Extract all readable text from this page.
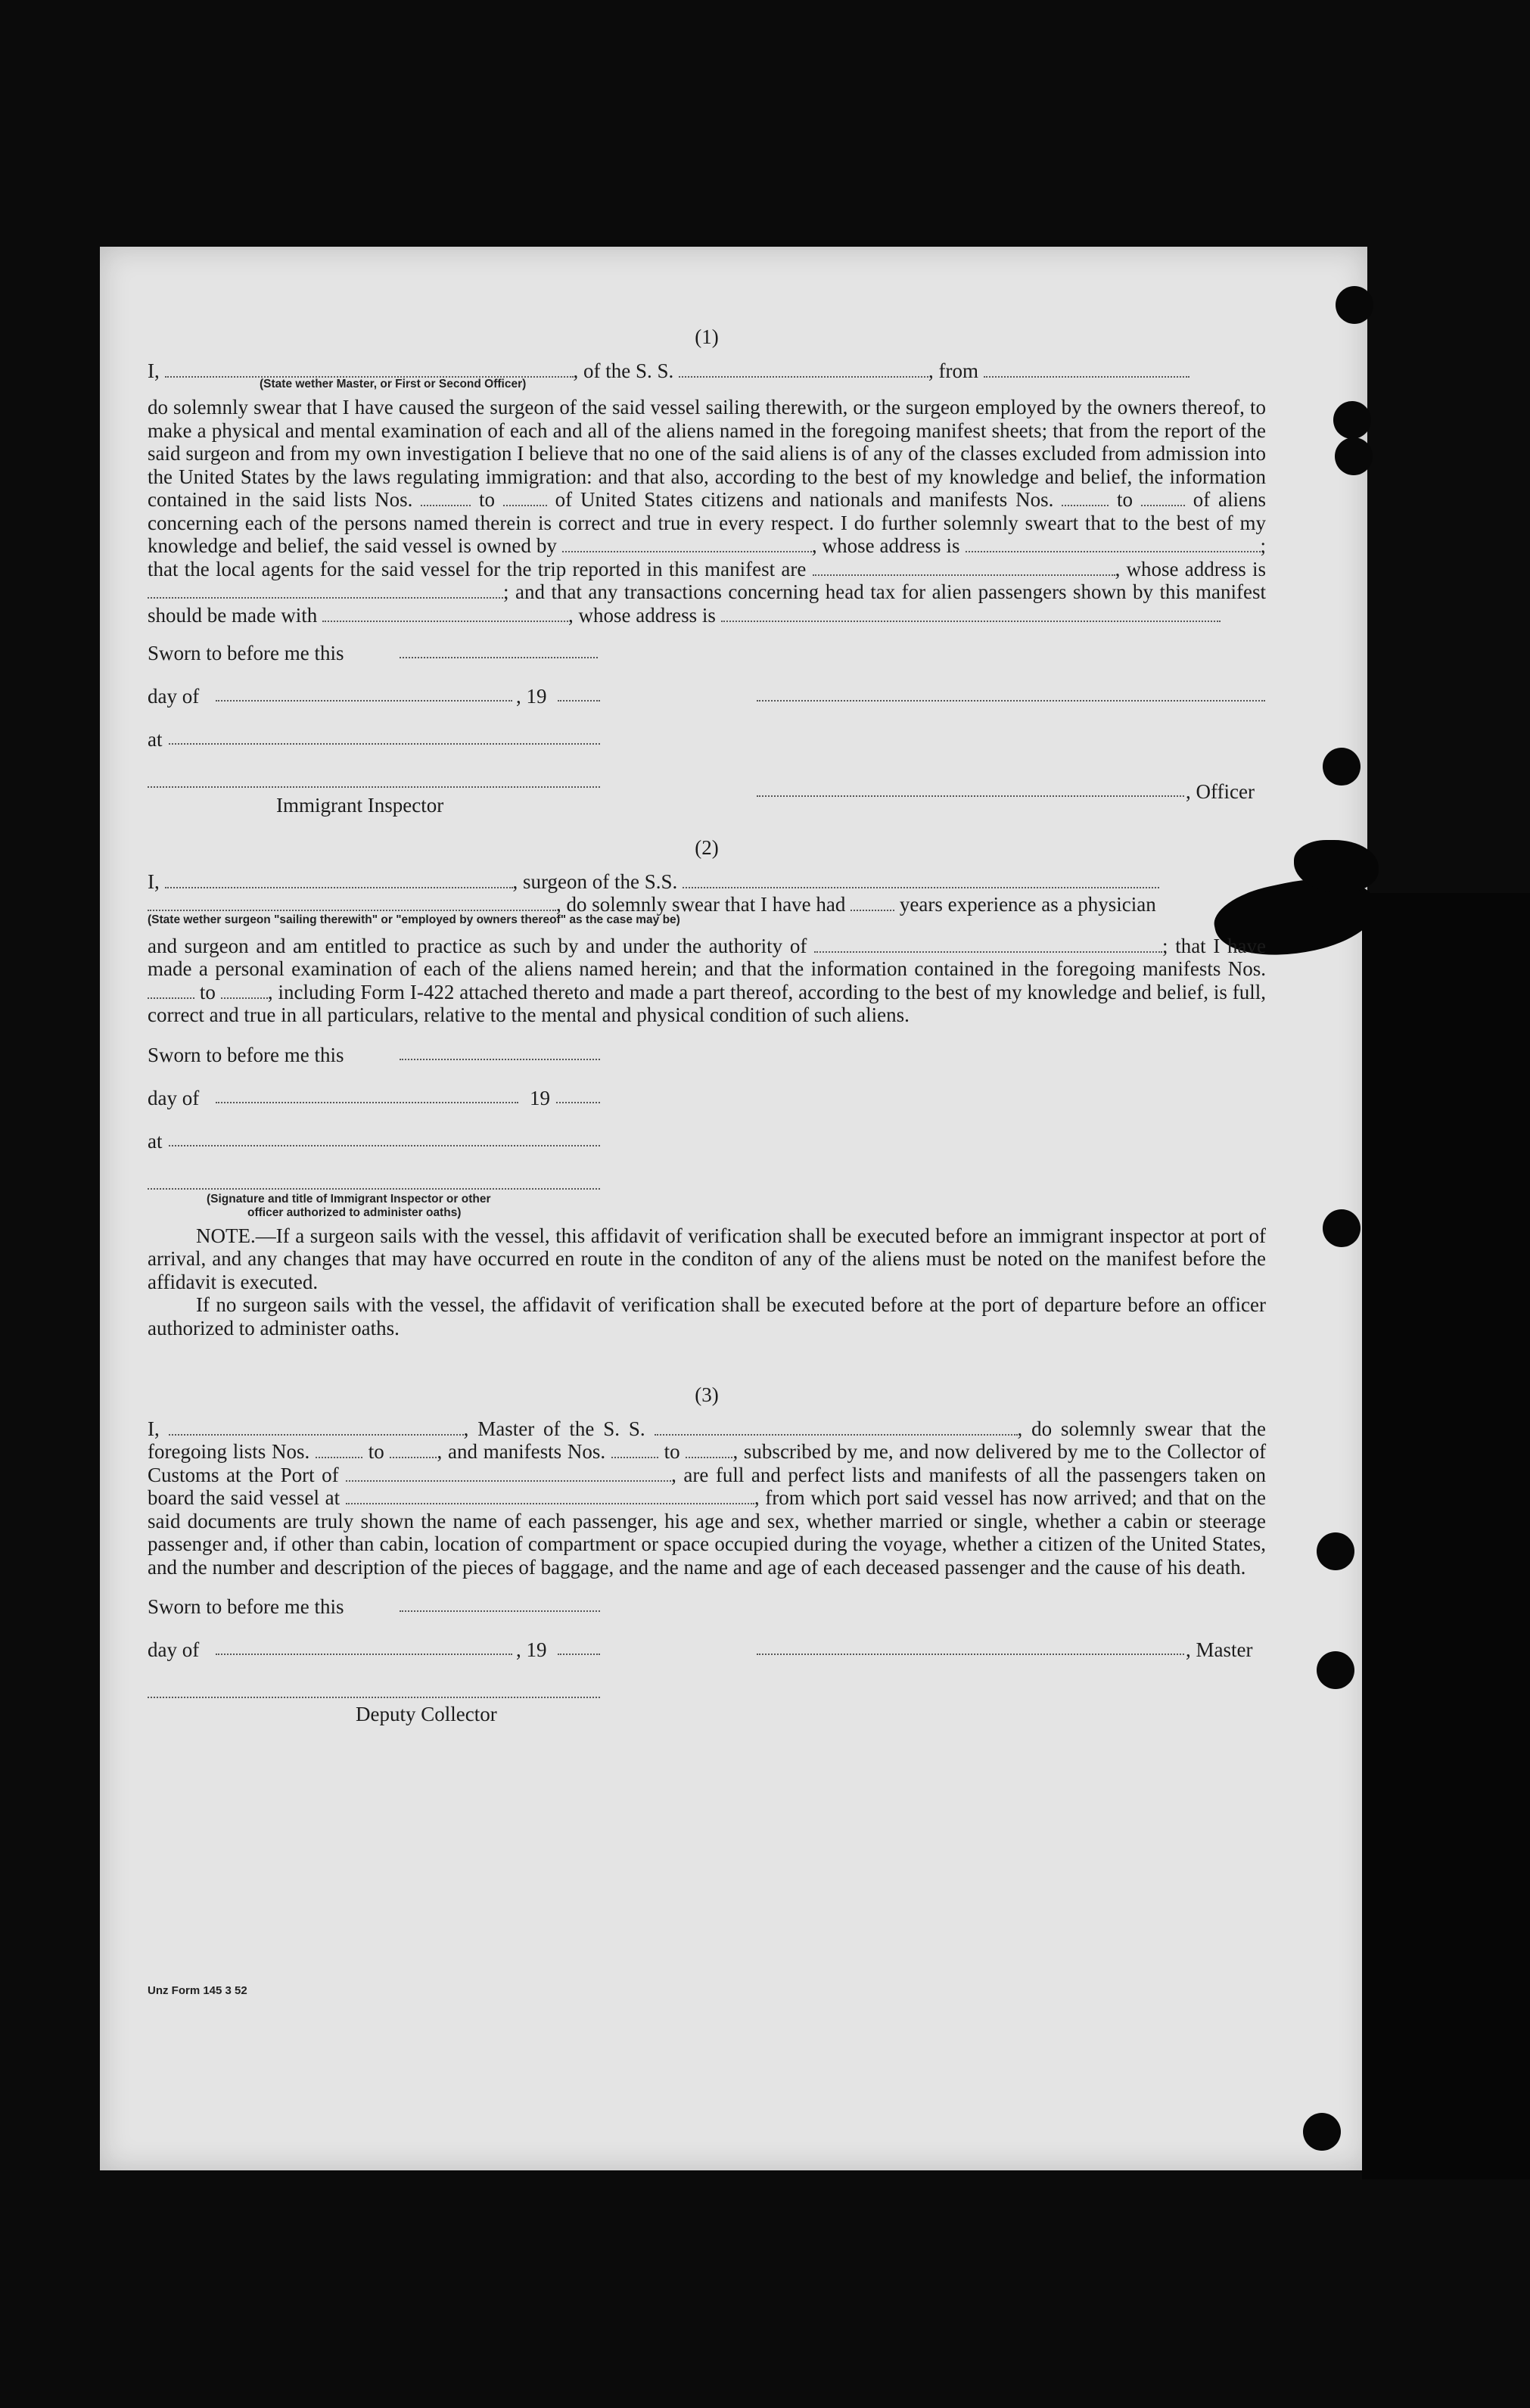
(1)

I,	, of the S. S.	, from

(State wether Master, or First or Second Officer)

do solemnly swear that I have caused the surgeon of the said vessel sailing therewith, or the surgeon employed by the owners thereof, to make a physical and mental examination of each and all of the aliens named in the foregoing manifest sheets; that from the report of the said surgeon and from my own investigation I believe that no one of the said aliens is of any of the classes excluded from admission into the United States by the laws regulating immigration: and that also, according to the best of my knowledge and belief, the information contained in the said lists Nos.	to	of United States citizens and nationals and manifests Nos.	to	of aliens concerning each of the persons named therein is correct and true in every respect. I do further solemnly sweart that to the best of my knowledge and belief, the said vessel is owned by	, whose address is	; that the local agents for the said vessel for the trip reported in this manifest are	, whose address is ; and that any transactions concerning head tax for alien passengers shown by this manifest should be made with	, whose address is

Sworn to before me this
day of	, 19
at
Immigrant Inspector
, Officer

(2)

I,	, surgeon of the S.S.

, do solemnly swear that I have had	years experience as a physician

(State wether surgeon "sailing therewith" or "employed by owners thereof" as the case may be)

and surgeon and am entitled to practice as such by and under the authority of	; that I have made a personal examination of each of the aliens named herein; and that the information contained in the foregoing manifests Nos.  to	, including Form I-422 attached thereto and made a part thereof, according to the best of my knowledge and belief, is full, correct and true in all particulars, relative to the mental and physical condition of such aliens.

Sworn to before me this
day of	19
at
(Signature and title of Immigrant Inspector or other
officer authorized to administer oaths)

NOTE.—If a surgeon sails with the vessel, this affidavit of verification shall be executed before an immigrant inspector at port of arrival, and any changes that may have occurred en route in the conditon of any of the aliens must be noted on the manifest before the affidavit is executed.

If no surgeon sails with the vessel, the affidavit of verification shall be executed before at the port of departure before an officer authorized to administer oaths.

(3)

I,	, Master of the S. S.	, do solemnly swear that the foregoing lists Nos.	to	, and manifests Nos.	to	, subscribed by me, and now delivered by me to the Collector of Customs at the Port of	, are full and perfect lists and manifests of all the passengers taken on board the said vessel at	, from which port said vessel has now arrived; and that on the said documents are truly shown the name of each passenger, his age and sex, whether married or single, whether a cabin or steerage passenger and, if other than cabin, location of compartment or space occupied during the voyage, whether a citizen of the United States, and the number and description of the pieces of baggage, and the name and age of each deceased passenger and the cause of his death.

Sworn to before me this
day of	, 19	, Master
Deputy Collector
Unz Form 145 3 52
